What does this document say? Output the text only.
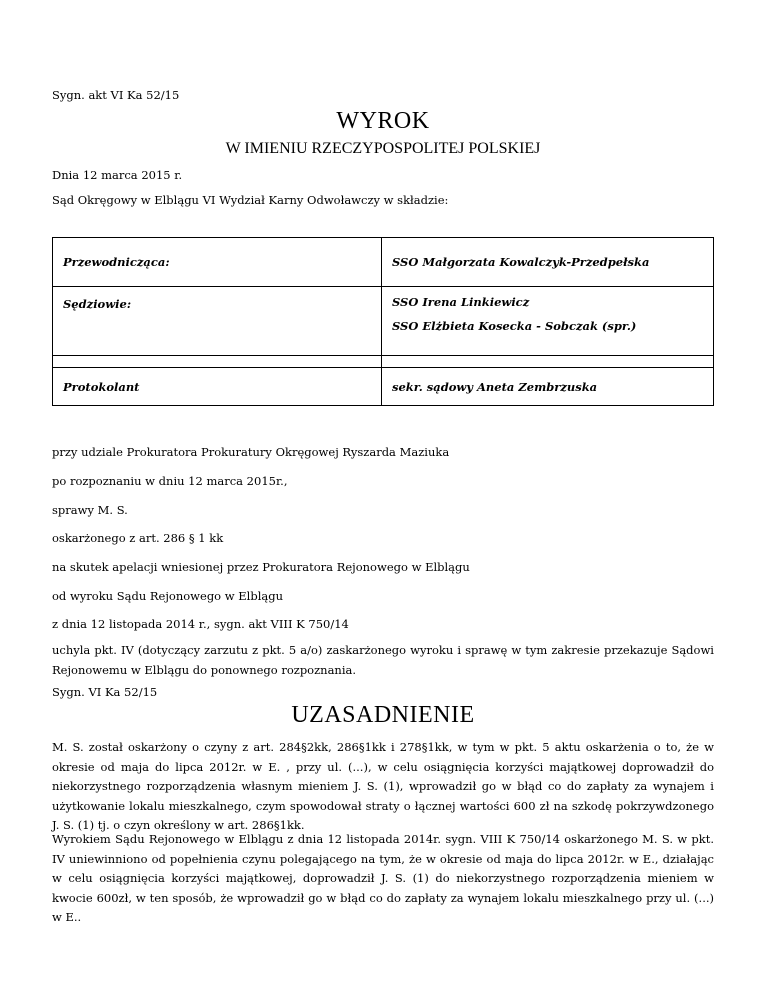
Sygn. akt VI Ka 52/15
WYROK
W IMIENIU RZECZYPOSPOLITEJ POLSKIEJ
Dnia 12 marca 2015 r.
Sąd Okręgowy w Elblągu VI Wydział Karny Odwoławczy w składzie:
Przewodnicząca:	SSO Małgorzata Kowalczyk-Przedpełska
Sędziowie:	SSO Irena Linkiewicz
SSO Elżbieta Kosecka - Sobczak (spr.)

Protokolant	sekr. sądowy Aneta Zembrzuska
przy udziale Prokuratora Prokuratury Okręgowej Ryszarda Maziuka
po rozpoznaniu w dniu 12 marca 2015r.,
sprawy M. S.
oskarżonego z art. 286 § 1 kk
na skutek apelacji wniesionej przez Prokuratora Rejonowego w Elblągu
od wyroku Sądu Rejonowego w Elblągu
z dnia 12 listopada 2014 r., sygn. akt VIII K 750/14
uchyla pkt. IV (dotyczący zarzutu z pkt. 5 a/o) zaskarżonego wyroku i sprawę w tym zakresie przekazuje Sądowi Rejonowemu w Elblągu do ponownego rozpoznania.
Sygn. VI Ka 52/15
UZASADNIENIE
M. S. został oskarżony o czyny z art. 284§2kk, 286§1kk i 278§1kk, w tym w pkt. 5 aktu oskarżenia o to, że w okresie od maja do lipca 2012r. w E. , przy ul. (...), w celu osiągnięcia korzyści majątkowej doprowadził do niekorzystnego rozporządzenia własnym mieniem J. S. (1), wprowadził go w błąd co do zapłaty za wynajem i użytkowanie lokalu mieszkalnego, czym spowodował straty o łącznej wartości 600 zł na szkodę pokrzywdzonego J. S. (1) tj. o czyn określony w art. 286§1kk.
Wyrokiem Sądu Rejonowego w Elblągu z dnia 12 listopada 2014r. sygn. VIII K 750/14 oskarżonego M. S. w pkt. IV uniewinniono od popełnienia czynu polegającego na tym, że w okresie od maja do lipca 2012r. w E., działając w celu osiągnięcia korzyści majątkowej, doprowadził J. S. (1) do niekorzystnego rozporządzenia mieniem w kwocie 600zł, w ten sposób, że wprowadził go w błąd co do zapłaty za wynajem lokalu mieszkalnego przy ul. (...) w E..
